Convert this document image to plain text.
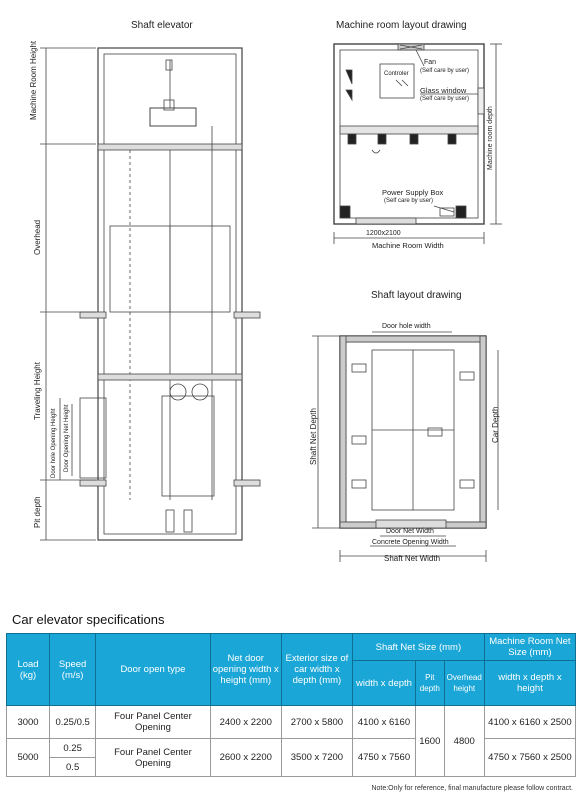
Shaft elevator	Machine room layout drawing
Shaft layout drawing
Machine Room Height
Overhead
Traveling Height
Pit depth
Door hole Opening Height Door Opening Net Height
Controler
Fan
(Self care by user)
Glass window
(Self care by user)
Power Supply Box
(Self care by user)
1200x2100
Machine Room Width
Machine room depth
Door hole width
Car Depth
Shaft Net Depth
Door Net Width
Concrete Opening Width
Shaft Net Width
Car elevator specifications
Load (kg)	Speed (m/s)	Door open type	Net door opening width x height (mm)	Exterior size of car width x depth (mm)	Shaft Net Size (mm)			Machine Room Net Size (mm)
					width x depth	Pit depth	Overhead height	width x depth x height
3000	0.25/0.5	Four Panel Center Opening	2400 x 2200	2700 x 5800	4100 x 6160	1600	4800	4100 x 6160 x 2500
5000	0.25	Four Panel Center Opening	2600 x 2200	3500 x 7200	4750 x 7560			4750 x 7560 x 2500
	0.5							
Note:Only for reference, final manufacture please follow contract.
